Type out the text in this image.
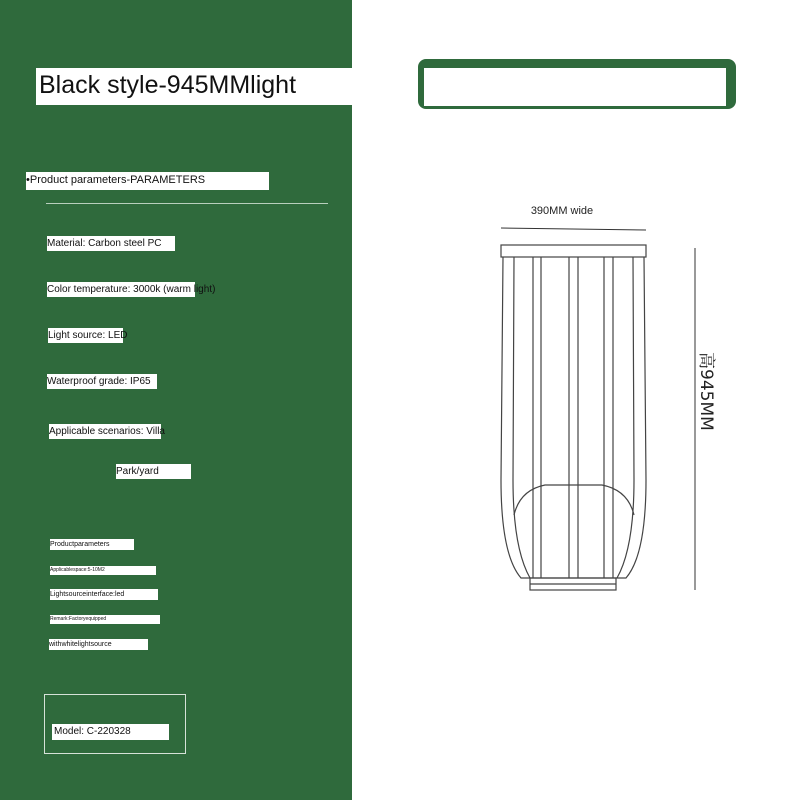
Black style-945MMlight
•Product parameters-PARAMETERS
Material: Carbon steel PC
Color temperature: 3000k (warm light)
Light source: LED
Waterproof grade: IP65
Applicable scenarios: Villa
Park/yard
Productparameters
Applicablespace:5-10M2
Lightsourceinterface:led
Remark:Factoryequipped
withwhitelightsource
Model: C-220328
390MM wide
高945MM
